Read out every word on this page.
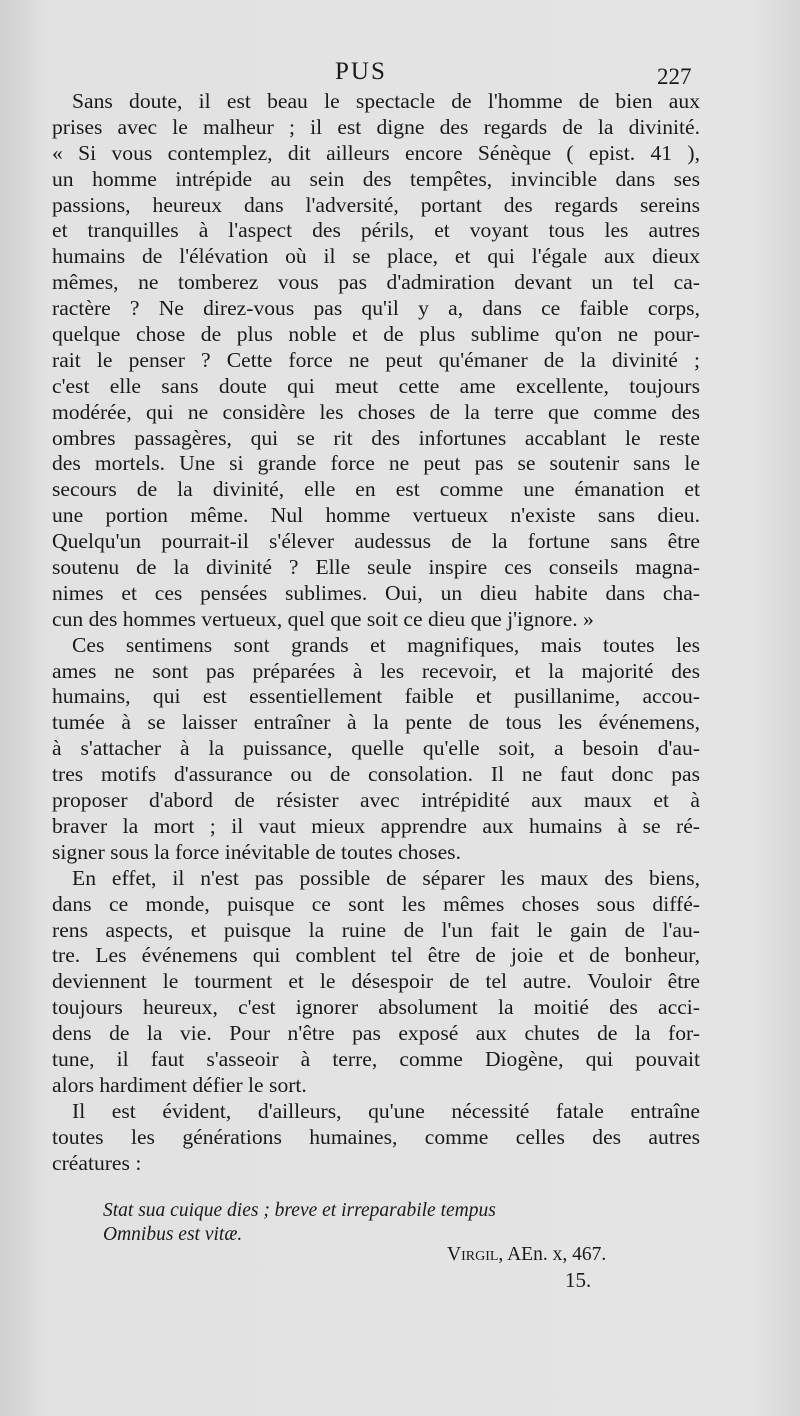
PUS	227
Sans doute, il est beau le spectacle de l'homme de bien aux
prises avec le malheur ; il est digne des regards de la divinité.
« Si vous contemplez, dit ailleurs encore Sénèque ( epist. 41 ),
un homme intrépide au sein des tempêtes, invincible dans ses
passions, heureux dans l'adversité, portant des regards sereins
et tranquilles à l'aspect des périls, et voyant tous les autres
humains de l'élévation où il se place, et qui l'égale aux dieux
mêmes, ne tomberez vous pas d'admiration devant un tel ca-
ractère ? Ne direz-vous pas qu'il y a, dans ce faible corps,
quelque chose de plus noble et de plus sublime qu'on ne pour-
rait le penser ? Cette force ne peut qu'émaner de la divinité ;
c'est elle sans doute qui meut cette ame excellente, toujours
modérée, qui ne considère les choses de la terre que comme des
ombres passagères, qui se rit des infortunes accablant le reste
des mortels. Une si grande force ne peut pas se soutenir sans le
secours de la divinité, elle en est comme une émanation et
une portion même. Nul homme vertueux n'existe sans dieu.
Quelqu'un pourrait-il s'élever audessus de la fortune sans être
soutenu de la divinité ? Elle seule inspire ces conseils magna-
nimes et ces pensées sublimes. Oui, un dieu habite dans cha-
cun des hommes vertueux, quel que soit ce dieu que j'ignore. »
Ces sentimens sont grands et magnifiques, mais toutes les
ames ne sont pas préparées à les recevoir, et la majorité des
humains, qui est essentiellement faible et pusillanime, accou-
tumée à se laisser entraîner à la pente de tous les événemens,
à s'attacher à la puissance, quelle qu'elle soit, a besoin d'au-
tres motifs d'assurance ou de consolation. Il ne faut donc pas
proposer d'abord de résister avec intrépidité aux maux et à
braver la mort ; il vaut mieux apprendre aux humains à se ré-
signer sous la force inévitable de toutes choses.
En effet, il n'est pas possible de séparer les maux des biens,
dans ce monde, puisque ce sont les mêmes choses sous diffé-
rens aspects, et puisque la ruine de l'un fait le gain de l'au-
tre. Les événemens qui comblent tel être de joie et de bonheur,
deviennent le tourment et le désespoir de tel autre. Vouloir être
toujours heureux, c'est ignorer absolument la moitié des acci-
dens de la vie. Pour n'être pas exposé aux chutes de la for-
tune, il faut s'asseoir à terre, comme Diogène, qui pouvait
alors hardiment défier le sort.
Il est évident, d'ailleurs, qu'une nécessité fatale entraîne
toutes les générations humaines, comme celles des autres
créatures :
Stat sua cuique dies ; breve et irreparabile tempus
Omnibus est vitæ.
Virgil, AEn. x, 467.
15.
